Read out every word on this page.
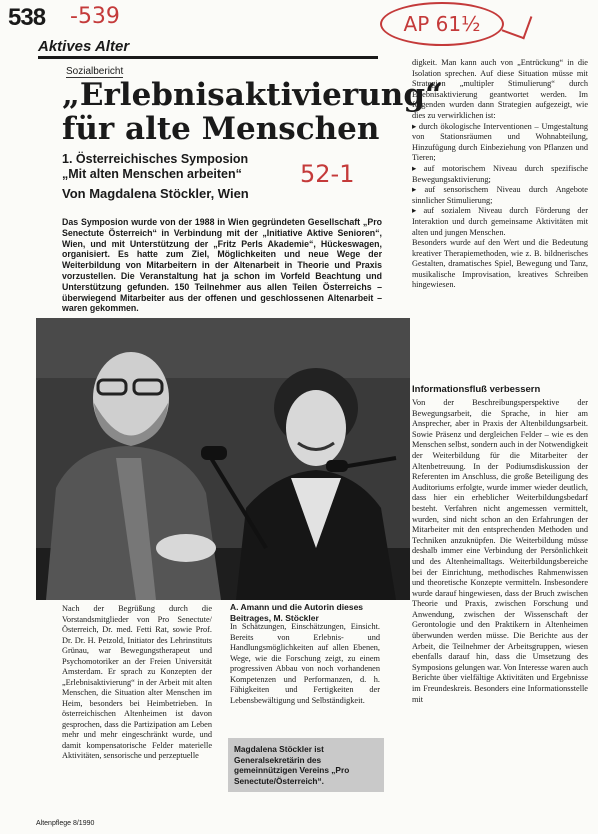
538 -539	AP 61½
Aktives Alter
Sozialbericht
„Erlebnisaktivierung“
für alte Menschen
1. Österreichisches Symposion
„Mit alten Menschen arbeiten“
Von Magdalena Stöckler, Wien
52-1

Das Symposion wurde von der 1988 in Wien gegründeten Gesellschaft „Pro Senectute Österreich“ in Verbindung mit der „Initiative Aktive Senioren“, Wien, und mit Unterstützung der „Fritz Perls Akademie“, Hückeswagen, organisiert. Es hatte zum Ziel, Möglichkeiten und neue Wege der Weiterbildung von Mitarbeitern in der Altenarbeit in Theorie und Praxis vorzustellen. Die Veranstaltung hat ja schon im Vorfeld Beachtung und Unterstützung gefunden. 150 Teilnehmer aus allen Teilen Österreichs – überwiegend Mitarbeiter aus der offenen und geschlossenen Altenarbeit – waren gekommen.

A. Amann und die Autorin dieses Beitrages, M. Stöckler

Nach der Begrüßung durch die Vorstandsmitglieder von Pro Senectute/Österreich, Dr. med. Fetti Rat, sowie Prof. Dr. Dr. H. Petzold, Initiator des Lehrinstituts Grünau, war Bewegungstherapeut und Psychomotoriker an der Freien Universität Amsterdam. Er sprach zu Konzepten der „Erlebnisaktivierung“ in der Arbeit mit alten Menschen, die Situation alter Menschen im Heim, besonders bei Heimbetrieben. In österreichischen Altenheimen ist davon gesprochen, dass die Partizipation am Leben mehr und mehr eingeschränkt wurde, und damit kompensatorische Felder materielle Aktivitäten, sensorische und perzeptuelle

In Schätzungen, Einschätzungen, Einsicht. Bereits von Erlebnis- und Handlungsmöglichkeiten auf allen Ebenen, Wege, wie die Forschung zeigt, zu einem progressiven Abbau von noch vorhandenen Kompetenzen und Performanzen, d. h. Fähigkeiten und Fertigkeiten der Lebensbewältigung und Selbständigkeit.

Magdalena Stöckler ist Generalsekretärin des gemeinnützigen Vereins „Pro Senectute/Österreich“.

digkeit. Man kann auch von „Entrückung“ in die Isolation sprechen. Auf diese Situation müsse mit Strategien „multipler Stimulierung“ durch Erlebnisaktivierung geantwortet werden. Im folgenden wurden dann Strategien aufgezeigt, wie dies zu verwirklichen ist:

▸ durch ökologische Interventionen – Umgestaltung von Stationsräumen und Wohnabteilung, Hinzufügung durch Einbeziehung von Pflanzen und Tieren;

▸ auf motorischem Niveau durch spezifische Bewegungsaktivierung;

▸ auf sensorischem Niveau durch Angebote sinnlicher Stimulierung;

▸ auf sozialem Niveau durch Förderung der Interaktion und durch gemeinsame Aktivitäten mit alten und jungen Menschen.

Besonders wurde auf den Wert und die Bedeutung kreativer Therapiemethoden, wie z. B. bildnerisches Gestalten, dramatisches Spiel, Bewegung und Tanz, musikalische Improvisation, kreatives Schreiben hingewiesen.

Informationsfluß verbessern

Von der Beschreibungsperspektive der Bewegungsarbeit, die Sprache, in hier am Ansprecher, aber in Praxis der Altenbildungsarbeit. Sowie Präsenz und dergleichen Felder – wie es den Menschen selbst, sondern auch in der Notwendigkeit der Weiterbildung für die Mitarbeiter der Altenbetreuung. In der Podiumsdiskussion der Referenten im Anschluss, die große Beteiligung des Auditoriums erfolgte, wurde immer wieder deutlich, dass hier ein erheblicher Weiterbildungsbedarf besteht. Verfahren nicht angemessen vermittelt, wurden, sind nicht schon an den Erfahrungen der Mitarbeiter mit den entsprechenden Methoden und Techniken anzuknüpfen. Die Weiterbildung müsse deshalb immer eine Verbindung der Persönlichkeit und des Altenheimalltags. Weiterbildungsbereiche bei der Einrichtung, methodisches Rahmenwissen und theoretische Konzepte vermitteln. Insbesondere wurde darauf hingewiesen, dass der Bruch zwischen Theorie und Praxis, zwischen Forschung und Anwendung, zwischen der Wissenschaft der Gerontologie und den Praktikern in Altenheimen überwunden werden müsse. Die Berichte aus der Arbeit, die Teilnehmer der Arbeitsgruppen, wiesen ebenfalls darauf hin, dass die Umsetzung des Symposions gelungen war. Von Interesse waren auch Berichte über vielfältige Aktivitäten und Ergebnisse im Freundeskreis. Besonders eine Informationsstelle mit

Altenpflege 8/1990
